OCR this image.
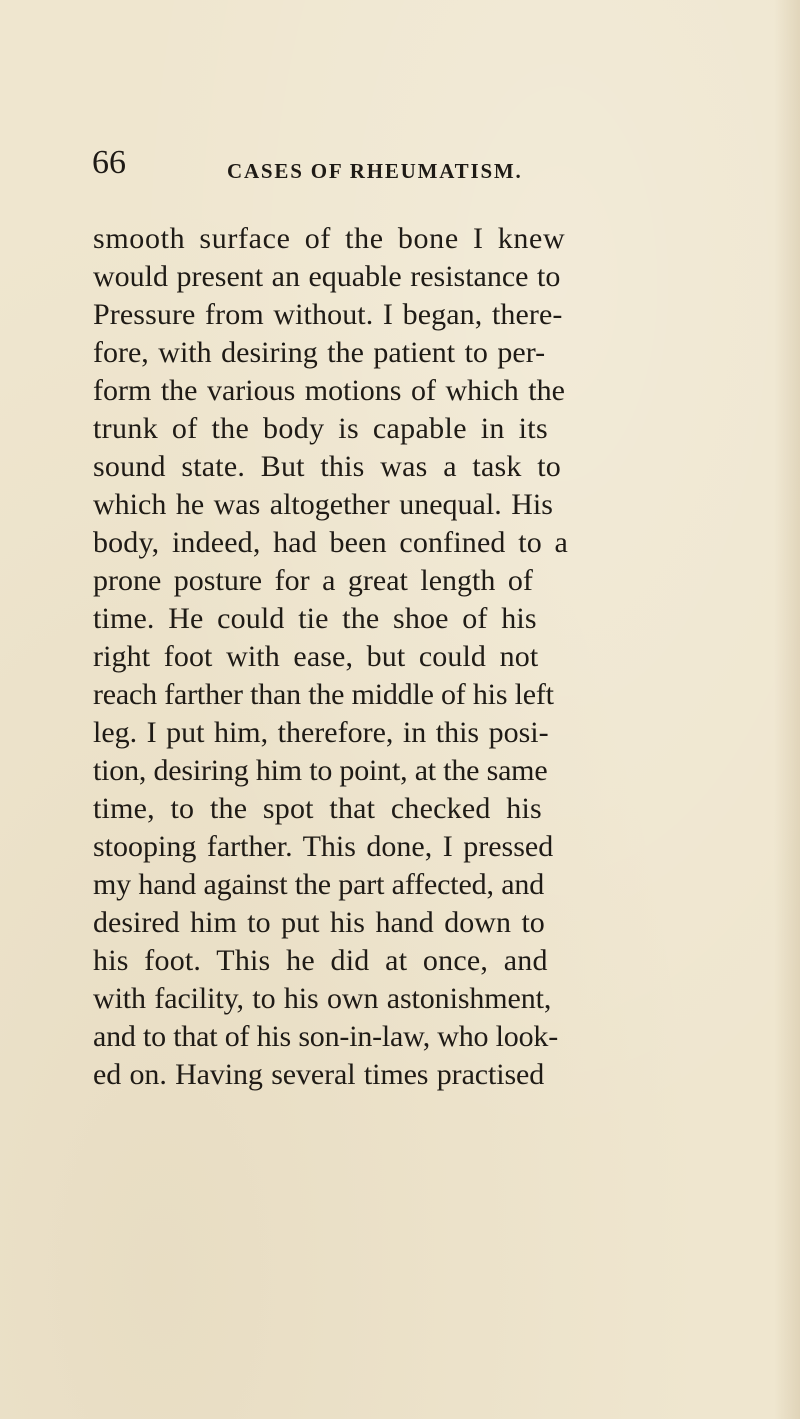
66	CASES OF RHEUMATISM.
smooth surface of the bone I knew
would present an equable resistance to
Pressure from without. I began, there-
fore, with desiring the patient to per-
form the various motions of which the
trunk of the body is capable in its
sound state. But this was a task to
which he was altogether unequal. His
body, indeed, had been confined to a
prone posture for a great length of
time. He could tie the shoe of his
right foot with ease, but could not
reach farther than the middle of his left
leg. I put him, therefore, in this posi-
tion, desiring him to point, at the same
time, to the spot that checked his
stooping farther. This done, I pressed
my hand against the part affected, and
desired him to put his hand down to
his foot. This he did at once, and
with facility, to his own astonishment,
and to that of his son-in-law, who look-
ed on. Having several times practised
